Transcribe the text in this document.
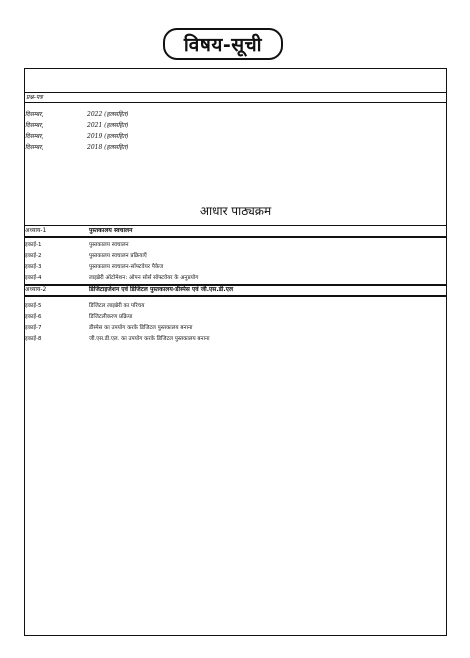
विषय-सूची
प्रश्न-पत्र
दिसम्बर,	2022 (हलसहित)
दिसम्बर,	2021 (हलसहित)
दिसम्बर,	2019 (हलसहित)
दिसम्बर,	2018 (हलसहित)
आधार पाठ्यक्रम
अध्याय-1	पुस्तकालय स्वचालन
इकाई-1	पुस्तकालय स्वचालन
इकाई-2	पुस्तकालय स्वचालन प्रक्रियाएँ
इकाई-3	पुस्तकालय स्वचालन-सॉफ्टवेयर पैकेज
इकाई-4	लाइब्रेरी ऑटोमेशन: ओपन सोर्स सॉफ्टवेयर के अनुप्रयोग
अध्याय-2	डिजिटाइजेशन एवं डिजिटल पुस्तकालय-डीस्पेस एवं जी.एस.डी.एल
इकाई-5	डिजिटल लाइब्रेरी का परिचय
इकाई-6	डिजिटलीकरण प्रक्रिया
इकाई-7	डीस्पेस का उपयोग करके डिजिटल पुस्तकालय बनाना
इकाई-8	जी.एस.डी.एल. का उपयोग करके डिजिटल पुस्तकालय बनाना
